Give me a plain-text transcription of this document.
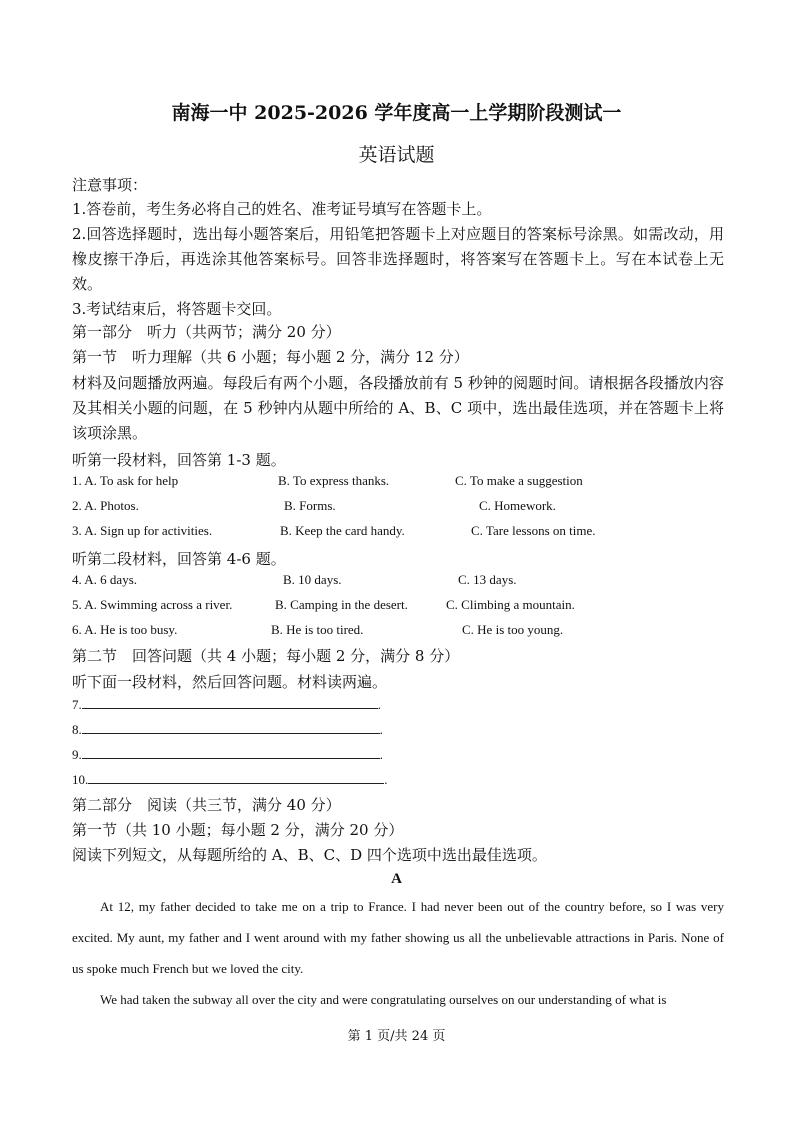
南海一中 2025-2026 学年度高一上学期阶段测试一
英语试题
注意事项：
1.答卷前，考生务必将自己的姓名、准考证号填写在答题卡上。
2.回答选择题时，选出每小题答案后，用铅笔把答题卡上对应题目的答案标号涂黑。如需改动，用橡皮擦干净后，再选涂其他答案标号。回答非选择题时，将答案写在答题卡上。写在本试卷上无效。
3.考试结束后，将答题卡交回。
第一部分　听力（共两节；满分 20 分）
第一节　听力理解（共 6 小题；每小题 2 分，满分 12 分）
材料及问题播放两遍。每段后有两个小题，各段播放前有 5 秒钟的阅题时间。请根据各段播放内容及其相关小题的问题，在 5 秒钟内从题中所给的 A、B、C 项中，选出最佳选项，并在答题卡上将该项涂黑。
听第一段材料，回答第 1-3 题。
1. A. To ask for help	B. To express thanks.	C. To make a suggestion
2. A. Photos.	B. Forms.	C. Homework.
3. A. Sign up for activities.	B. Keep the card handy.	C. Tare lessons on time.
听第二段材料，回答第 4-6 题。
4. A. 6 days.	B. 10 days.	C. 13 days.
5. A. Swimming across a river.	B. Camping in the desert.	C. Climbing a mountain.
6. A. He is too busy.	B. He is too tired.	C. He is too young.
第二节　回答问题（共 4 小题；每小题 2 分，满分 8 分）
听下面一段材料，然后回答问题。材料读两遍。
7.	.
8.	.
9.	.
10.	.
第二部分　阅读（共三节，满分 40 分）
第一节（共 10 小题；每小题 2 分，满分 20 分）
阅读下列短文，从每题所给的 A、B、C、D 四个选项中选出最佳选项。
A
At 12, my father decided to take me on a trip to France. I had never been out of the country before, so I was very excited. My aunt, my father and I went around with my father showing us all the unbelievable attractions in Paris. None of us spoke much French but we loved the city.
We had taken the subway all over the city and were congratulating ourselves on our understanding of what is
第 1 页/共 24 页
